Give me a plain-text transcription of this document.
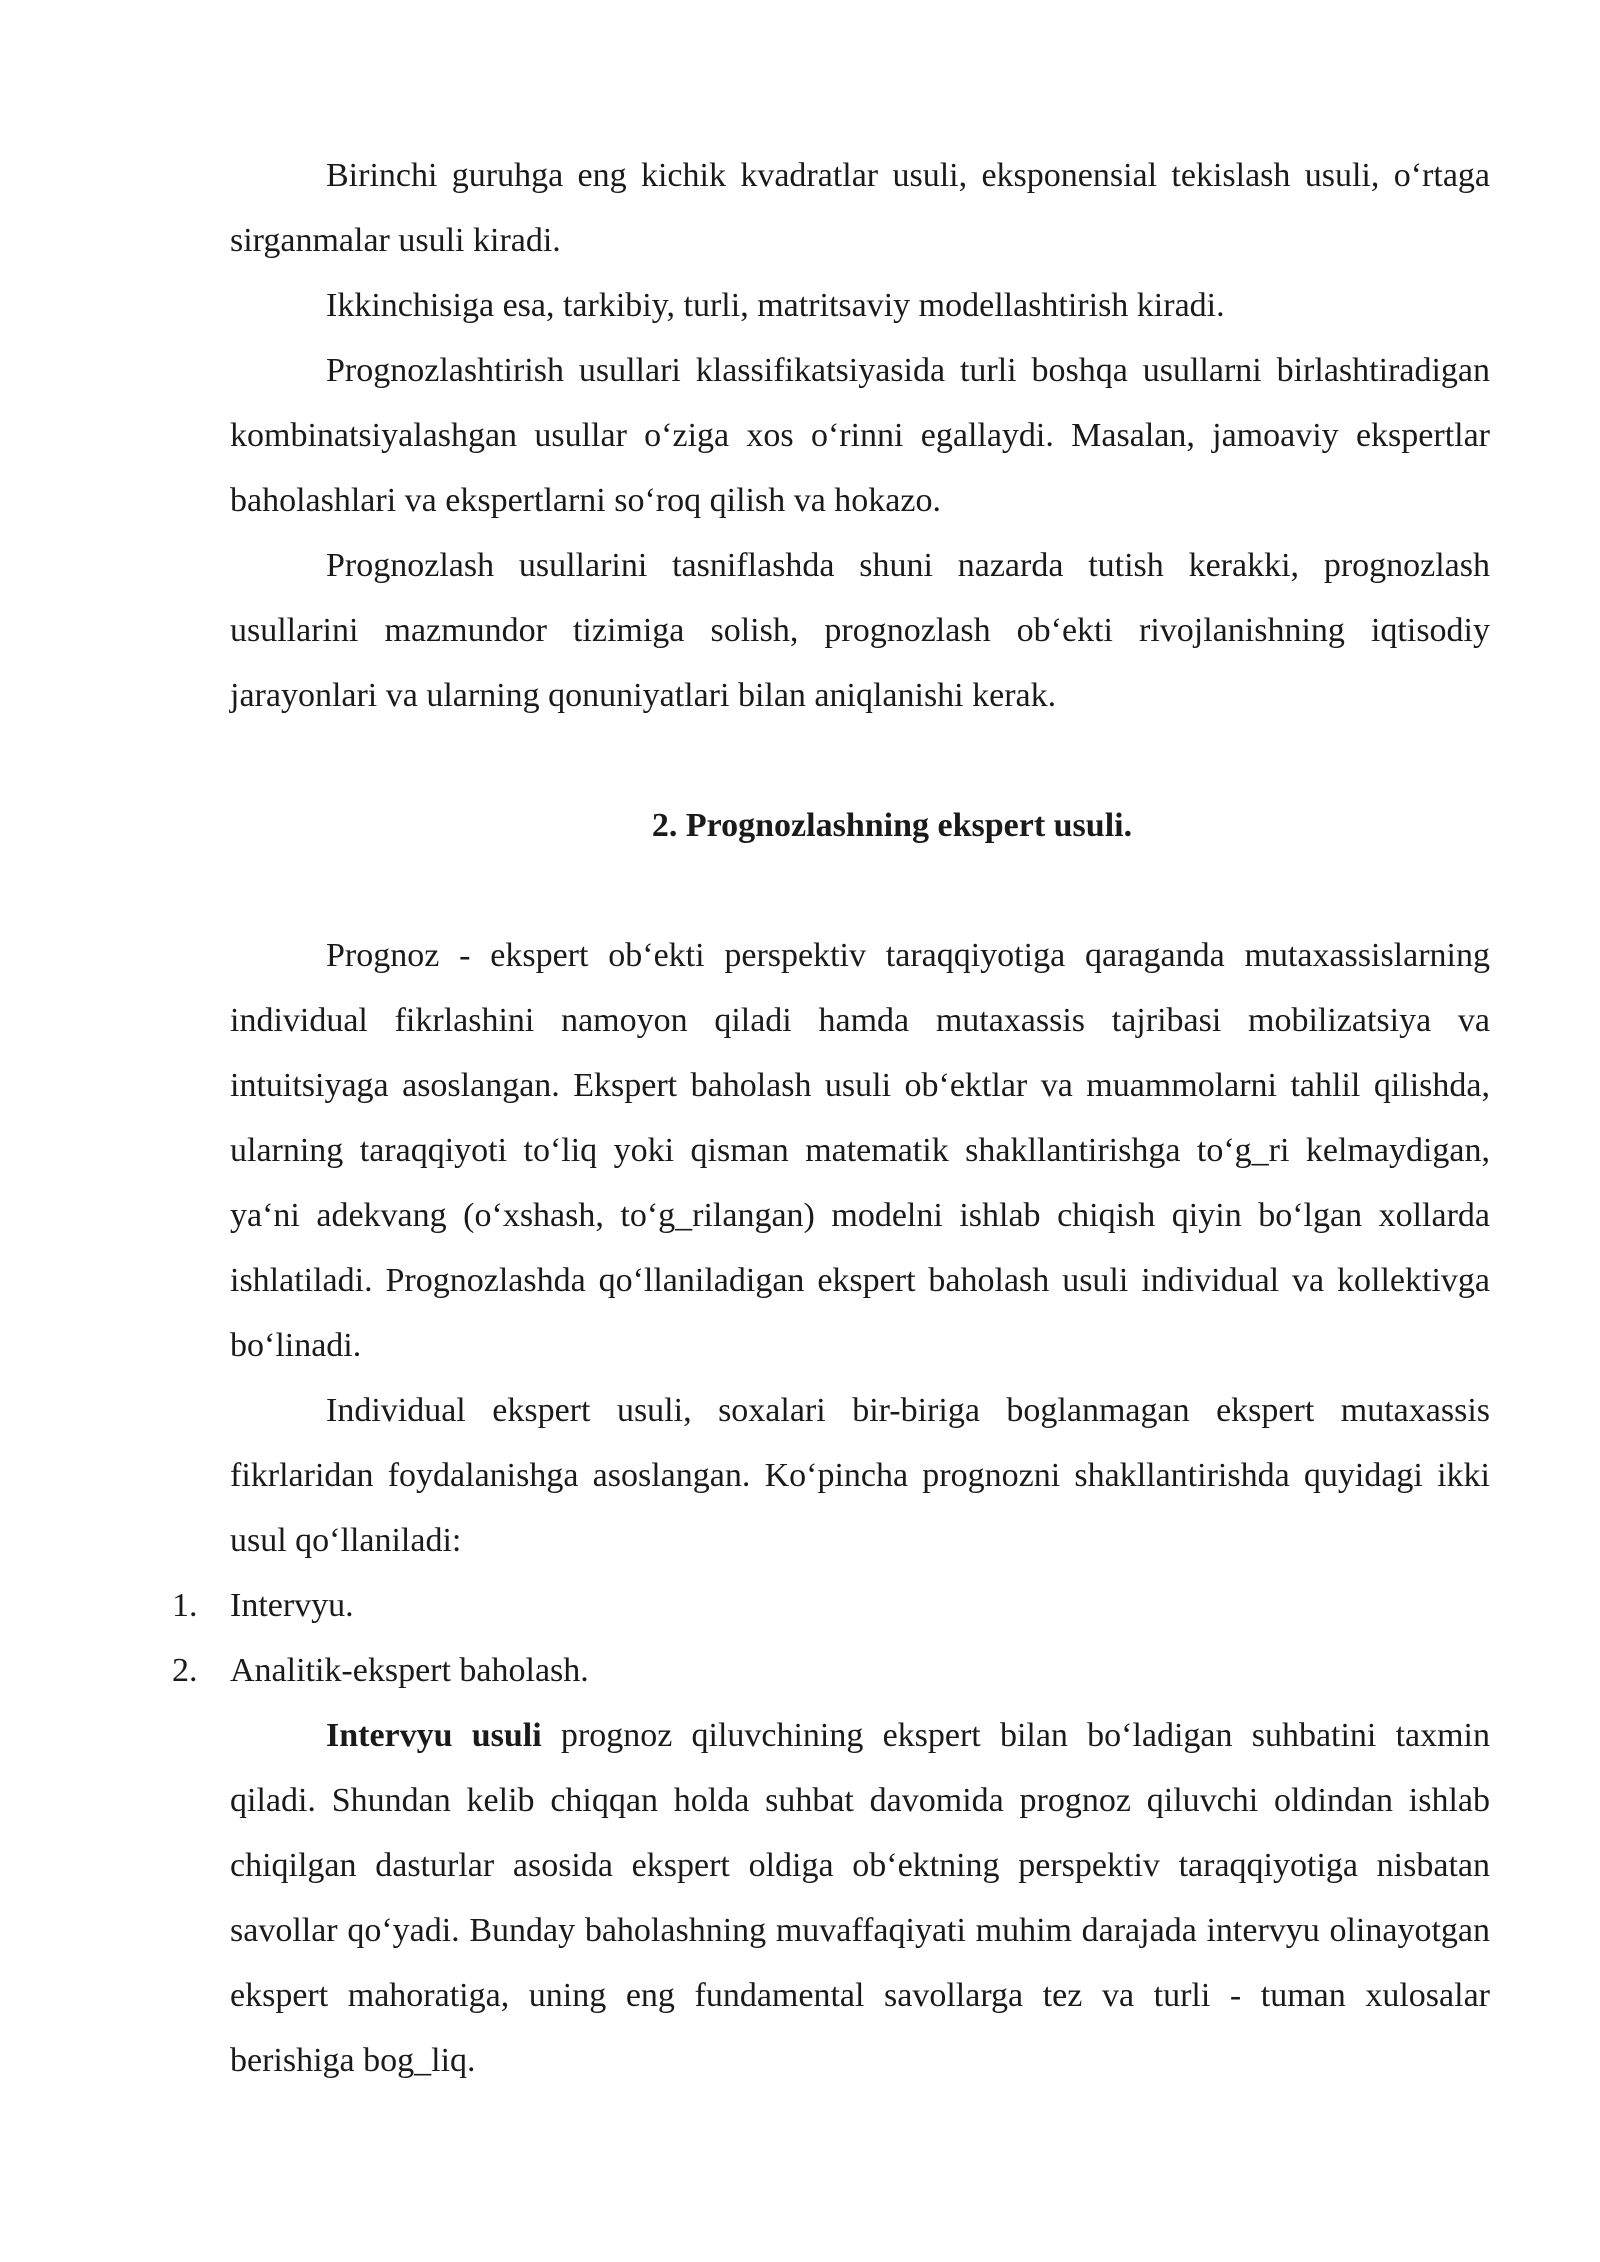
Birinchi guruhga eng kichik kvadratlar usuli, eksponensial tekislash usuli, o‘rtaga sirganmalar usuli kiradi.

Ikkinchisiga esa, tarkibiy, turli, matritsaviy modellashtirish kiradi.

Prognozlashtirish usullari klassifikatsiyasida turli boshqa usullarni birlashtiradigan kombinatsiyalashgan usullar o‘ziga xos o‘rinni egallaydi. Masalan, jamoaviy ekspertlar baholashlari va ekspertlarni so‘roq qilish va hokazo.

Prognozlash usullarini tasniflashda shuni nazarda tutish kerakki, prognozlash usullarini mazmundor tizimiga solish, prognozlash ob‘ekti rivojlanishning iqtisodiy jarayonlari va ularning qonuniyatlari bilan aniqlanishi kerak.

2. Prognozlashning ekspert usuli.

Prognoz - ekspert ob‘ekti perspektiv taraqqiyotiga qaraganda mutaxassislarning individual fikrlashini namoyon qiladi hamda mutaxassis tajribasi mobilizatsiya va intuitsiyaga asoslangan. Ekspert baholash usuli ob‘ektlar va muammolarni tahlil qilishda, ularning taraqqiyoti to‘liq yoki qisman matematik shakllantirishga to‘g_ri kelmaydigan, ya‘ni adekvang (o‘xshash, to‘g_rilangan) modelni ishlab chiqish qiyin bo‘lgan xollarda ishlatiladi. Prognozlashda qo‘llaniladigan ekspert baholash usuli individual va kollektivga bo‘linadi.

Individual ekspert usuli, soxalari bir-biriga boglanmagan ekspert mutaxassis fikrlaridan foydalanishga asoslangan. Ko‘pincha prognozni shakllantirishda quyidagi ikki usul qo‘llaniladi:

1. Intervyu.
2. Analitik-ekspert baholash.

Intervyu usuli prognoz qiluvchining ekspert bilan bo‘ladigan suhbatini taxmin qiladi. Shundan kelib chiqqan holda suhbat davomida prognoz qiluvchi oldindan ishlab chiqilgan dasturlar asosida ekspert oldiga ob‘ektning perspektiv taraqqiyotiga nisbatan savollar qo‘yadi. Bunday baholashning muvaffaqiyati muhim darajada intervyu olinayotgan ekspert mahoratiga, uning eng fundamental savollarga tez va turli - tuman xulosalar berishiga bog_liq.
